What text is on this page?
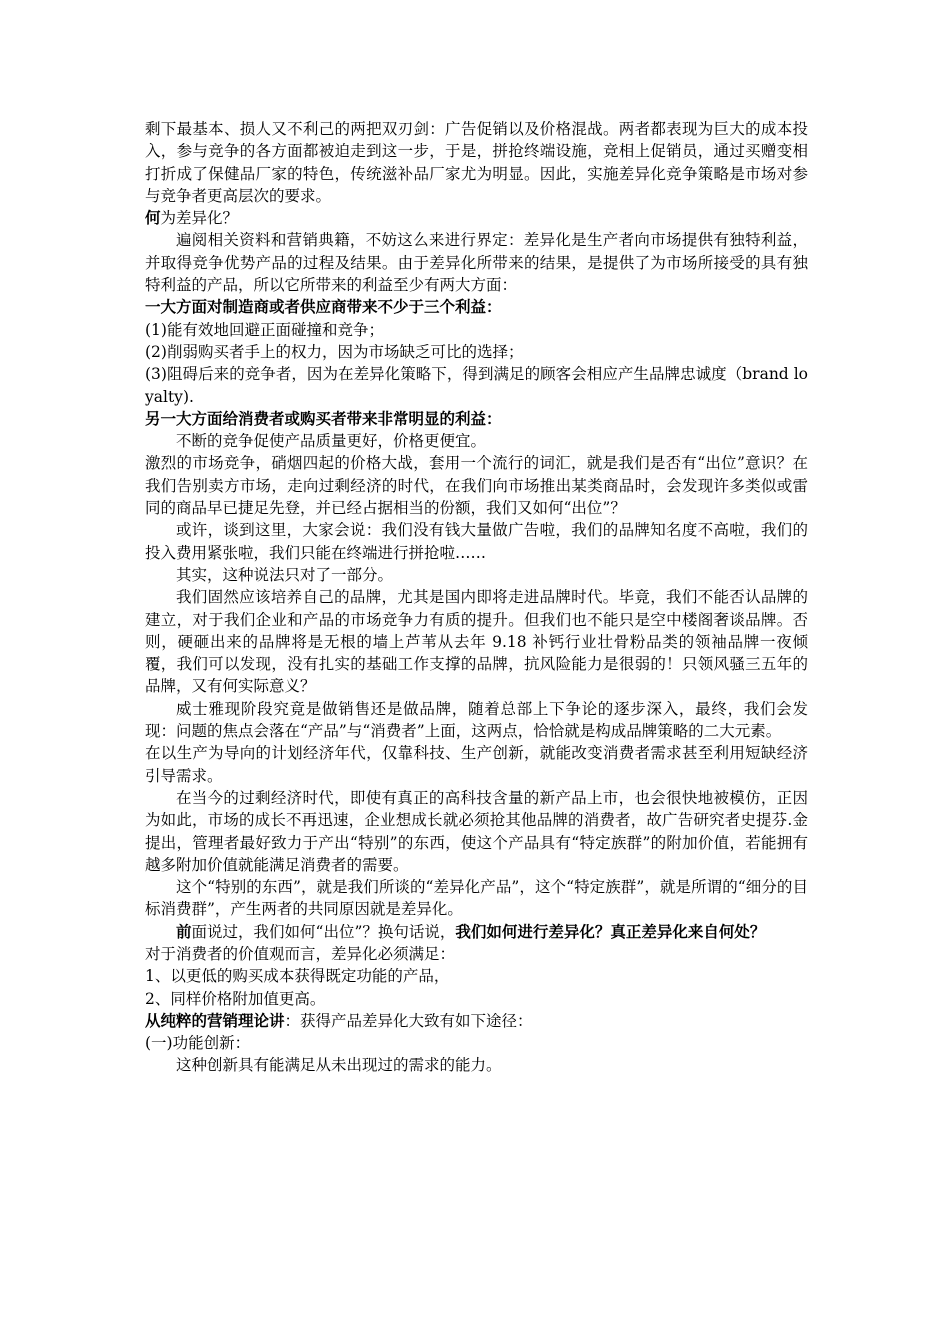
剩下最基本、损人又不利己的两把双刃剑：广告促销以及价格混战。两者都表现为巨大的成本投入，参与竞争的各方面都被迫走到这一步，于是，拼抢终端设施，竞相上促销员，通过买赠变相打折成了保健品厂家的特色，传统滋补品厂家尤为明显。因此，实施差异化竞争策略是市场对参与竞争者更高层次的要求。

何为差异化？

遍阅相关资料和营销典籍，不妨这么来进行界定：差异化是生产者向市场提供有独特利益，并取得竞争优势产品的过程及结果。由于差异化所带来的结果，是提供了为市场所接受的具有独特利益的产品，所以它所带来的利益至少有两大方面：

一大方面对制造商或者供应商带来不少于三个利益：

(1)能有效地回避正面碰撞和竞争；

(2)削弱购买者手上的权力，因为市场缺乏可比的选择；

(3)阻碍后来的竞争者，因为在差异化策略下，得到满足的顾客会相应产生品牌忠诚度（brand loyalty).

另一大方面给消费者或购买者带来非常明显的利益：

不断的竞争促使产品质量更好，价格更便宜。

激烈的市场竞争，硝烟四起的价格大战，套用一个流行的词汇，就是我们是否有“出位”意识？在我们告别卖方市场，走向过剩经济的时代，在我们向市场推出某类商品时，会发现许多类似或雷同的商品早已捷足先登，并已经占据相当的份额，我们又如何“出位”？

或许，谈到这里，大家会说：我们没有钱大量做广告啦，我们的品牌知名度不高啦，我们的投入费用紧张啦，我们只能在终端进行拼抢啦……

其实，这种说法只对了一部分。

我们固然应该培养自己的品牌，尤其是国内即将走进品牌时代。毕竟，我们不能否认品牌的建立，对于我们企业和产品的市场竞争力有质的提升。但我们也不能只是空中楼阁奢谈品牌。否则，硬砸出来的品牌将是无根的墙上芦苇从去年 9.18 补钙行业壮骨粉品类的领袖品牌一夜倾覆，我们可以发现，没有扎实的基础工作支撑的品牌，抗风险能力是很弱的！只领风骚三五年的品牌，又有何实际意义？

威士雅现阶段究竟是做销售还是做品牌，随着总部上下争论的逐步深入，最终，我们会发现：问题的焦点会落在“产品”与“消费者”上面，这两点，恰恰就是构成品牌策略的二大元素。

在以生产为导向的计划经济年代，仅靠科技、生产创新，就能改变消费者需求甚至利用短缺经济引导需求。

在当今的过剩经济时代，即使有真正的高科技含量的新产品上市，也会很快地被模仿，正因为如此，市场的成长不再迅速，企业想成长就必须抢其他品牌的消费者，故广告研究者史提芬.金提出，管理者最好致力于产出“特别”的东西，使这个产品具有“特定族群”的附加价值，若能拥有越多附加价值就能满足消费者的需要。

这个“特别的东西”，就是我们所谈的“差异化产品”，这个“特定族群”，就是所谓的“细分的目标消费群”，产生两者的共同原因就是差异化。

前面说过，我们如何“出位”？换句话说，我们如何进行差异化？真正差异化来自何处？

对于消费者的价值观而言，差异化必须满足：

1、以更低的购买成本获得既定功能的产品，

2、同样价格附加值更高。

从纯粹的营销理论讲：获得产品差异化大致有如下途径：

(一)功能创新：

这种创新具有能满足从未出现过的需求的能力。
